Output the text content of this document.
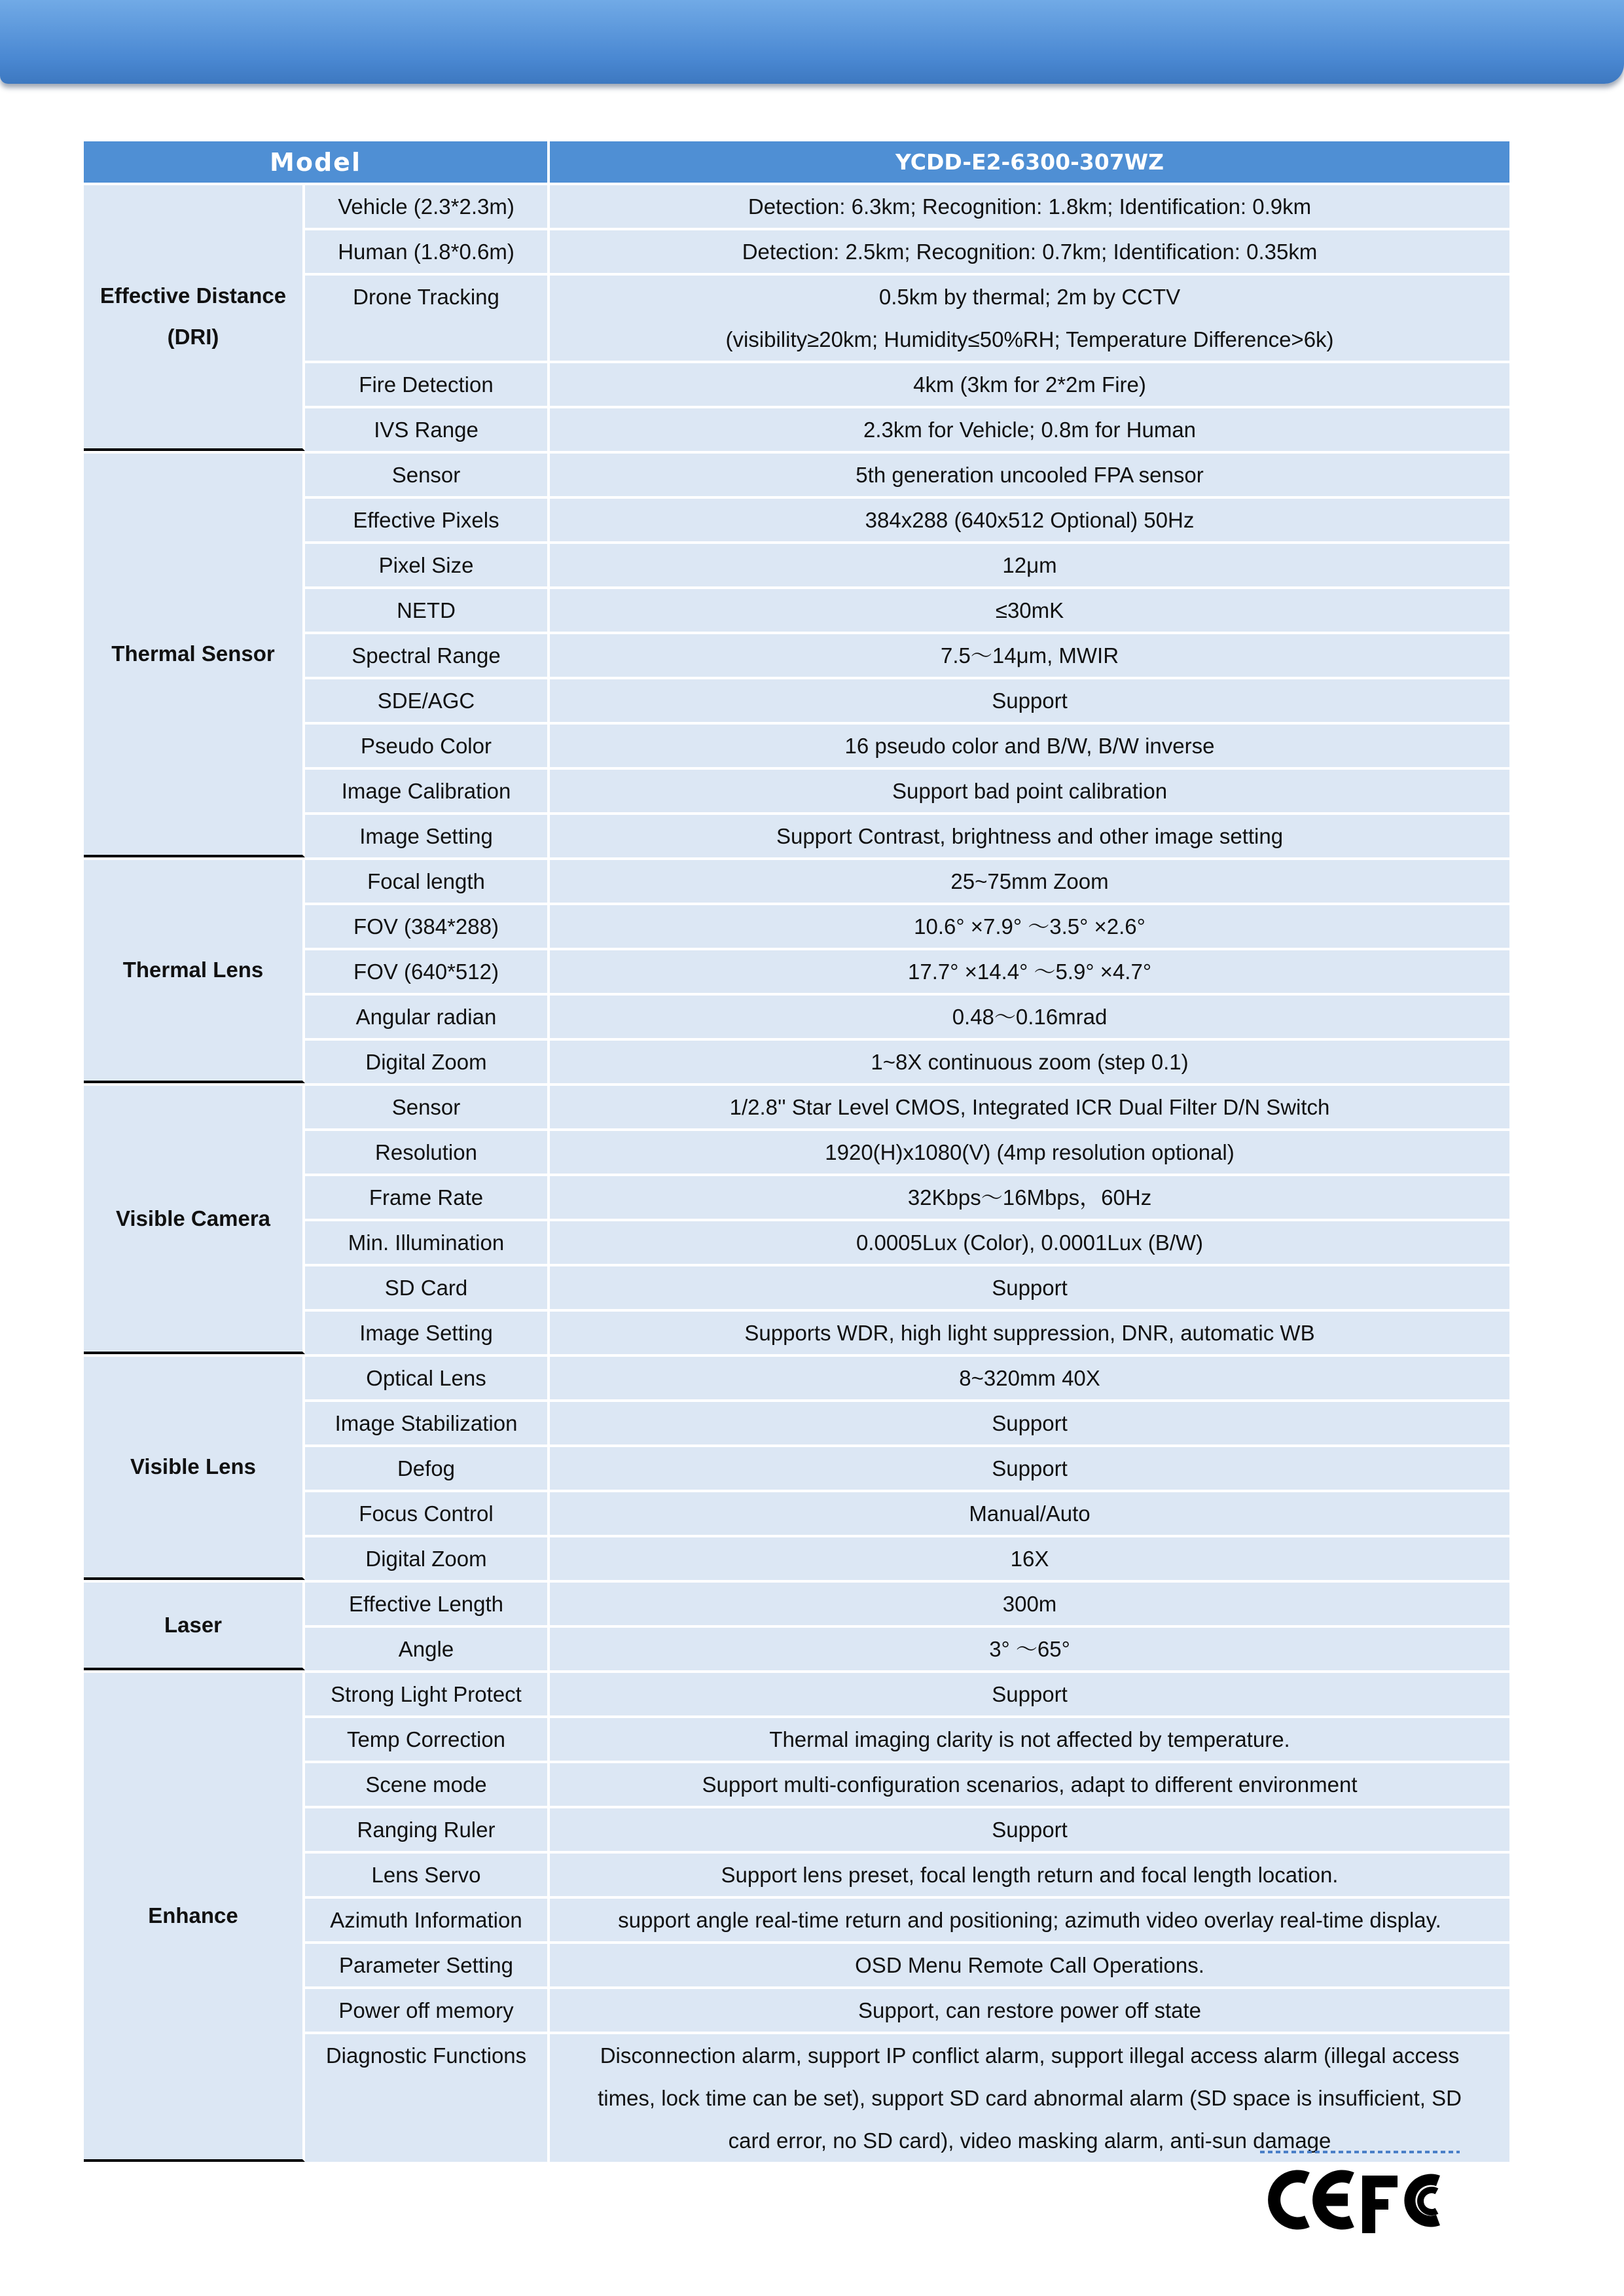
Model		YCDD-E2-6300-307WZ
Effective Distance (DRI)	Vehicle (2.3*2.3m)	Detection: 6.3km; Recognition: 1.8km; Identification: 0.9km
	Human (1.8*0.6m)	Detection: 2.5km; Recognition: 0.7km; Identification: 0.35km
	Drone Tracking	0.5km by thermal; 2m by CCTV
(visibility≥20km; Humidity≤50%RH; Temperature Difference>6k)

	Fire Detection	4km (3km for 2*2m Fire)
	IVS Range	2.3km for Vehicle; 0.8m for Human
Thermal Sensor	Sensor	5th generation uncooled FPA sensor
	Effective Pixels	384x288 (640x512 Optional) 50Hz
	Pixel Size	12μm
	NETD	≤30mK
	Spectral Range	7.5～14μm, MWIR
	SDE/AGC	Support
	Pseudo Color	16 pseudo color and B/W, B/W inverse
	Image Calibration	Support bad point calibration
	Image Setting	Support Contrast, brightness and other image setting
Thermal Lens	Focal length	25~75mm Zoom
	FOV (384*288)	10.6° ×7.9° ～3.5° ×2.6°
	FOV (640*512)	17.7° ×14.4° ～5.9° ×4.7°
	Angular radian	0.48～0.16mrad
	Digital Zoom	1~8X continuous zoom (step 0.1)
Visible Camera	Sensor	1/2.8'' Star Level CMOS, Integrated ICR Dual Filter D/N Switch
	Resolution	1920(H)x1080(V) (4mp resolution optional)
	Frame Rate	32Kbps～16Mbps，60Hz
	Min. Illumination	0.0005Lux (Color), 0.0001Lux (B/W)
	SD Card	Support
	Image Setting	Supports WDR, high light suppression, DNR, automatic WB
Visible Lens	Optical Lens	8~320mm 40X
	Image Stabilization	Support
	Defog	Support
	Focus Control	Manual/Auto
	Digital Zoom	16X
Laser	Effective Length	300m
	Angle	3° ～65°
Enhance	Strong Light Protect	Support
	Temp Correction	Thermal imaging clarity is not affected by temperature.
	Scene mode	Support multi-configuration scenarios, adapt to different environment
	Ranging Ruler	Support
	Lens Servo	Support lens preset, focal length return and focal length location.
	Azimuth Information	support angle real-time return and positioning; azimuth video overlay real-time display.
	Parameter Setting	OSD Menu Remote Call Operations.
	Power off memory	Support, can restore power off state
	Diagnostic Functions	Disconnection alarm, support IP conflict alarm, support illegal access alarm (illegal access
times, lock time can be set), support SD card abnormal alarm (SD space is insufficient, SD
card error, no SD card), video masking alarm, anti-sun damage
